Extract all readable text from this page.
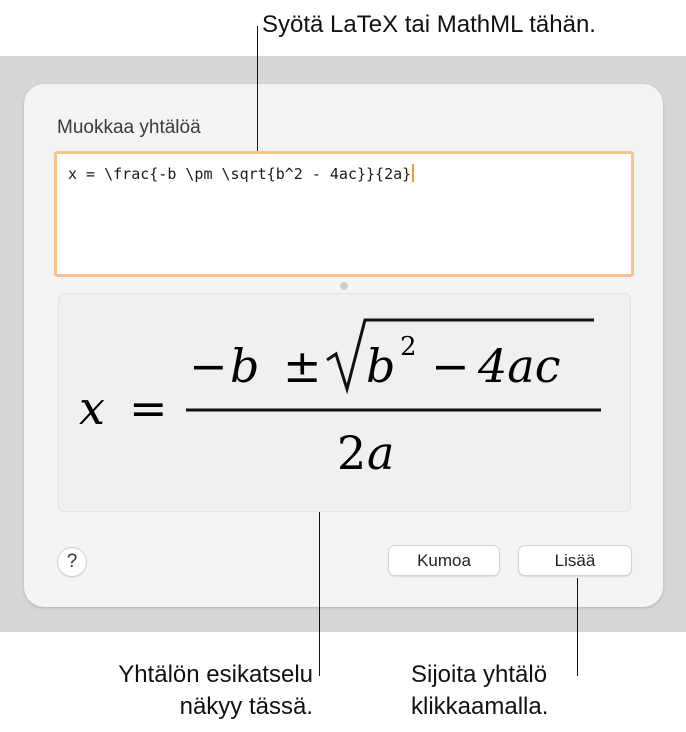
Muokkaa yhtälöä
x = \frac{-b \pm \sqrt{b^2 - 4ac}}{2a}
x =
− b ± b 2 − 4ac
2 a
?	Kumoa	Lisää
Syötä LaTeX tai MathML tähän.
Yhtälön esikatselu
näkyy tässä.
Sijoita yhtälö
klikkaamalla.
